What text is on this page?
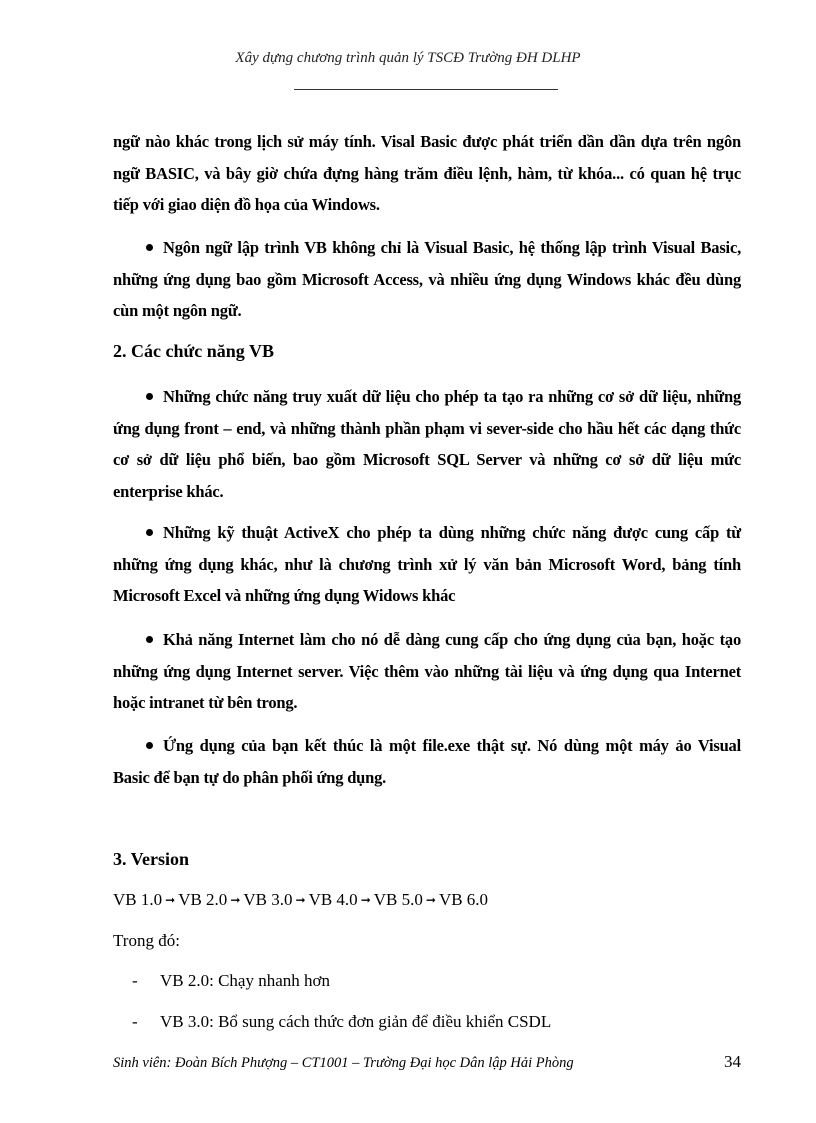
Xây dựng chương trình quản lý TSCĐ Trường ĐH DLHP
ngữ nào khác trong lịch sử máy tính. Visal Basic được phát triển dần dần dựa trên ngôn
ngữ BASIC, và bây giờ chứa đựng hàng trăm điều lệnh, hàm, từ khóa... có quan hệ trục
tiếp với giao diện đồ họa của Windows.
Ngôn ngữ lập trình VB không chỉ là Visual Basic, hệ thống lập trình Visual Basic,
những ứng dụng bao gồm Microsoft Access, và nhiều ứng dụng Windows khác đều dùng
cùn một ngôn ngữ.
2. Các chức năng VB
Những chức năng truy xuất dữ liệu cho phép ta tạo ra những cơ sở dữ liệu, những
ứng dụng front – end, và những thành phần phạm vi sever-side cho hầu hết các dạng thức
cơ sở dữ liệu phổ biến, bao gồm Microsoft SQL Server và những cơ sở dữ liệu mức
enterprise khác.
Những kỹ thuật ActiveX cho phép ta dùng những chức năng được cung cấp từ
những ứng dụng khác, như là chương trình xử lý văn bản Microsoft Word, bảng tính
Microsoft Excel và những ứng dụng Widows khác
Khả năng Internet làm cho nó dễ dàng cung cấp cho ứng dụng của bạn, hoặc tạo
những ứng dụng Internet server. Việc thêm vào những tài liệu và ứng dụng qua Internet
hoặc intranet từ bên trong.
Ứng dụng của bạn kết thúc là một file.exe thật sự. Nó dùng một máy ảo Visual
Basic để bạn tự do phân phối ứng dụng.
3. Version
VB 1.0 ➞ VB 2.0 ➞ VB 3.0 ➞ VB 4.0 ➞ VB 5.0 ➞ VB 6.0
Trong đó:
- VB 2.0: Chạy nhanh hơn
- VB 3.0: Bổ sung cách thức đơn giản để điều khiển CSDL
Sinh viên: Đoàn Bích Phượng – CT1001 – Trường Đại học Dân lập Hải Phòng	34
